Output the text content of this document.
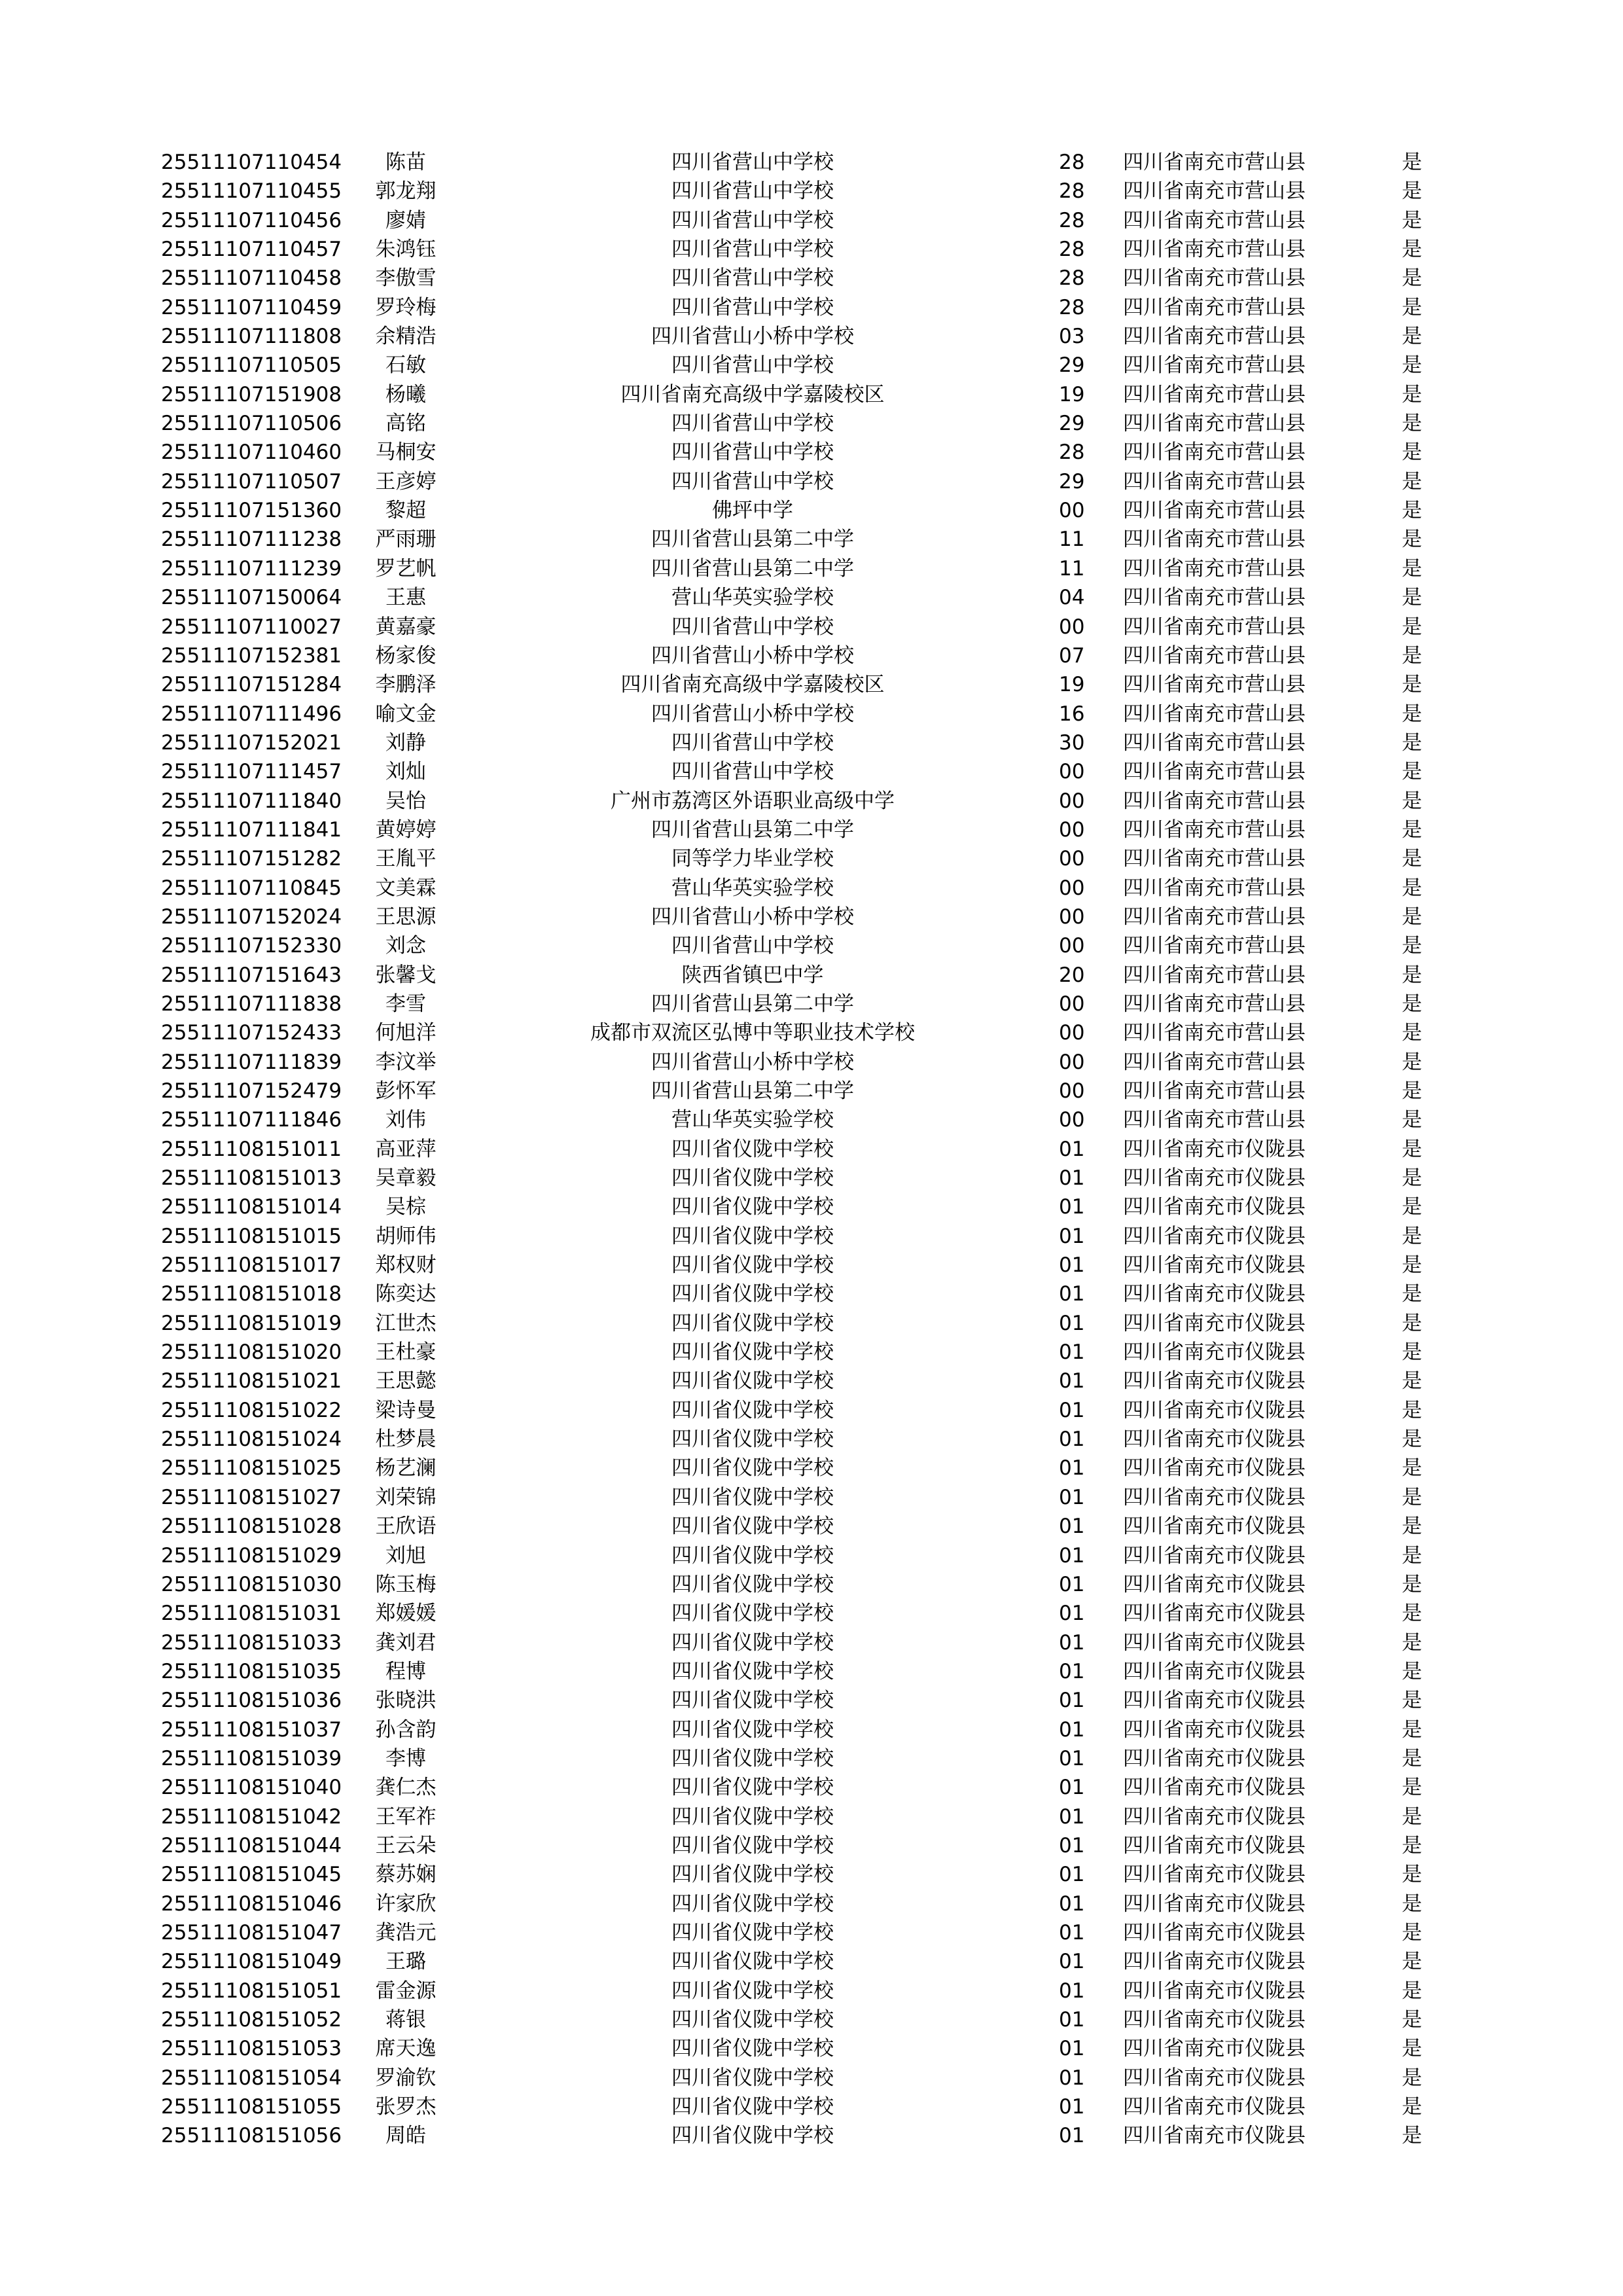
25511107110454 陈苗	四川省营山中学校	28 四川省南充市营山县	是
25511107110455 郭龙翔	四川省营山中学校	28 四川省南充市营山县	是
25511107110456 廖婧	四川省营山中学校	28 四川省南充市营山县	是
25511107110457 朱鸿钰	四川省营山中学校	28 四川省南充市营山县	是
25511107110458 李傲雪	四川省营山中学校	28 四川省南充市营山县	是
25511107110459 罗玲梅	四川省营山中学校	28 四川省南充市营山县	是
25511107111808 余精浩	四川省营山小桥中学校	03 四川省南充市营山县	是
25511107110505 石敏	四川省营山中学校	29 四川省南充市营山县	是
25511107151908 杨曦	四川省南充高级中学嘉陵校区	19 四川省南充市营山县	是
25511107110506 高铭	四川省营山中学校	29 四川省南充市营山县	是
25511107110460 马桐安	四川省营山中学校	28 四川省南充市营山县	是
25511107110507 王彦婷	四川省营山中学校	29 四川省南充市营山县	是
25511107151360 黎超	佛坪中学	00 四川省南充市营山县	是
25511107111238 严雨珊	四川省营山县第二中学	11 四川省南充市营山县	是
25511107111239 罗艺帆	四川省营山县第二中学	11 四川省南充市营山县	是
25511107150064 王惠	营山华英实验学校	04 四川省南充市营山县	是
25511107110027 黄嘉豪	四川省营山中学校	00 四川省南充市营山县	是
25511107152381 杨家俊	四川省营山小桥中学校	07 四川省南充市营山县	是
25511107151284 李鹏泽	四川省南充高级中学嘉陵校区	19 四川省南充市营山县	是
25511107111496 喻文金	四川省营山小桥中学校	16 四川省南充市营山县	是
25511107152021 刘静	四川省营山中学校	30 四川省南充市营山县	是
25511107111457 刘灿	四川省营山中学校	00 四川省南充市营山县	是
25511107111840 吴怡	广州市荔湾区外语职业高级中学	00 四川省南充市营山县	是
25511107111841 黄婷婷	四川省营山县第二中学	00 四川省南充市营山县	是
25511107151282 王胤平	同等学力毕业学校	00 四川省南充市营山县	是
25511107110845 文美霖	营山华英实验学校	00 四川省南充市营山县	是
25511107152024 王思源	四川省营山小桥中学校	00 四川省南充市营山县	是
25511107152330 刘念	四川省营山中学校	00 四川省南充市营山县	是
25511107151643 张馨戈	陕西省镇巴中学	20 四川省南充市营山县	是
25511107111838 李雪	四川省营山县第二中学	00 四川省南充市营山县	是
25511107152433 何旭洋	成都市双流区弘博中等职业技术学校	00 四川省南充市营山县	是
25511107111839 李汶举	四川省营山小桥中学校	00 四川省南充市营山县	是
25511107152479 彭怀军	四川省营山县第二中学	00 四川省南充市营山县	是
25511107111846 刘伟	营山华英实验学校	00 四川省南充市营山县	是
25511108151011 高亚萍	四川省仪陇中学校	01 四川省南充市仪陇县	是
25511108151013 吴章毅	四川省仪陇中学校	01 四川省南充市仪陇县	是
25511108151014 吴棕	四川省仪陇中学校	01 四川省南充市仪陇县	是
25511108151015 胡师伟	四川省仪陇中学校	01 四川省南充市仪陇县	是
25511108151017 郑权财	四川省仪陇中学校	01 四川省南充市仪陇县	是
25511108151018 陈奕达	四川省仪陇中学校	01 四川省南充市仪陇县	是
25511108151019 江世杰	四川省仪陇中学校	01 四川省南充市仪陇县	是
25511108151020 王杜豪	四川省仪陇中学校	01 四川省南充市仪陇县	是
25511108151021 王思懿	四川省仪陇中学校	01 四川省南充市仪陇县	是
25511108151022 梁诗曼	四川省仪陇中学校	01 四川省南充市仪陇县	是
25511108151024 杜梦晨	四川省仪陇中学校	01 四川省南充市仪陇县	是
25511108151025 杨艺澜	四川省仪陇中学校	01 四川省南充市仪陇县	是
25511108151027 刘荣锦	四川省仪陇中学校	01 四川省南充市仪陇县	是
25511108151028 王欣语	四川省仪陇中学校	01 四川省南充市仪陇县	是
25511108151029 刘旭	四川省仪陇中学校	01 四川省南充市仪陇县	是
25511108151030 陈玉梅	四川省仪陇中学校	01 四川省南充市仪陇县	是
25511108151031 郑媛媛	四川省仪陇中学校	01 四川省南充市仪陇县	是
25511108151033 龚刘君	四川省仪陇中学校	01 四川省南充市仪陇县	是
25511108151035 程博	四川省仪陇中学校	01 四川省南充市仪陇县	是
25511108151036 张晓洪	四川省仪陇中学校	01 四川省南充市仪陇县	是
25511108151037 孙含韵	四川省仪陇中学校	01 四川省南充市仪陇县	是
25511108151039 李博	四川省仪陇中学校	01 四川省南充市仪陇县	是
25511108151040 龚仁杰	四川省仪陇中学校	01 四川省南充市仪陇县	是
25511108151042 王军祚	四川省仪陇中学校	01 四川省南充市仪陇县	是
25511108151044 王云朵	四川省仪陇中学校	01 四川省南充市仪陇县	是
25511108151045 蔡苏娴	四川省仪陇中学校	01 四川省南充市仪陇县	是
25511108151046 许家欣	四川省仪陇中学校	01 四川省南充市仪陇县	是
25511108151047 龚浩元	四川省仪陇中学校	01 四川省南充市仪陇县	是
25511108151049 王璐	四川省仪陇中学校	01 四川省南充市仪陇县	是
25511108151051 雷金源	四川省仪陇中学校	01 四川省南充市仪陇县	是
25511108151052 蒋银	四川省仪陇中学校	01 四川省南充市仪陇县	是
25511108151053 席天逸	四川省仪陇中学校	01 四川省南充市仪陇县	是
25511108151054 罗渝钦	四川省仪陇中学校	01 四川省南充市仪陇县	是
25511108151055 张罗杰	四川省仪陇中学校	01 四川省南充市仪陇县	是
25511108151056 周皓	四川省仪陇中学校	01 四川省南充市仪陇县	是
